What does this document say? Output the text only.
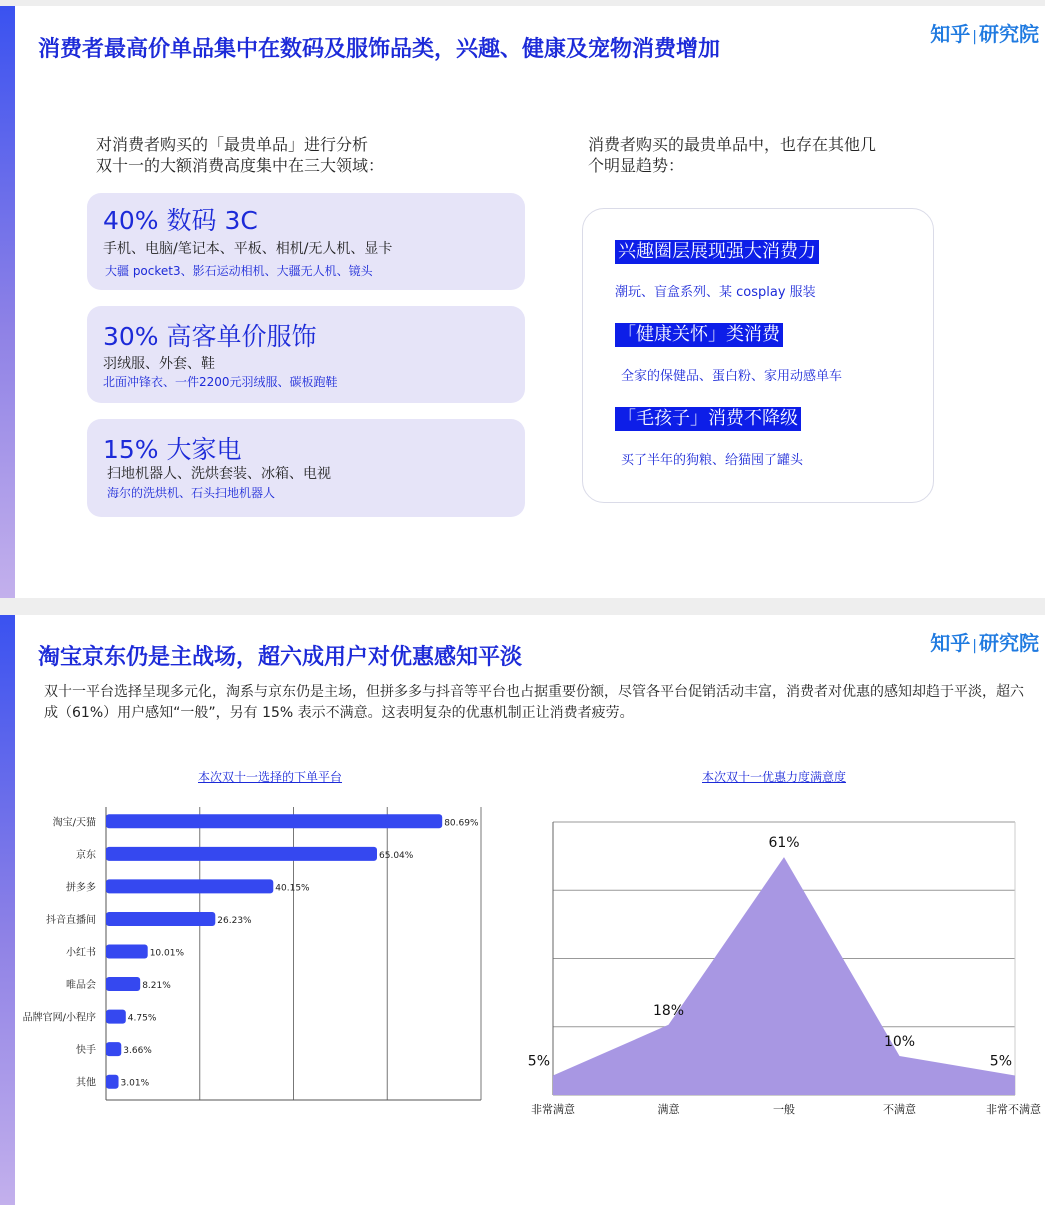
消费者最高价单品集中在数码及服饰品类，兴趣、健康及宠物消费增加
知乎 | 研究院
对消费者购买的「最贵单品」进行分析
双十一的大额消费高度集中在三大领域：
消费者购买的最贵单品中，也存在其他几
个明显趋势：
40% 数码 3C
手机、电脑/笔记本、平板、相机/无人机、显卡
大疆 pocket3、影石运动相机、大疆无人机、镜头
30% 高客单价服饰
羽绒服、外套、鞋
北面冲锋衣、一件2200元羽绒服、碳板跑鞋
15% 大家电
扫地机器人、洗烘套装、冰箱、电视
海尔的洗烘机、石头扫地机器人
兴趣圈层展现强大消费力
潮玩、盲盒系列、某 cosplay 服装
「健康关怀」类消费
全家的保健品、蛋白粉、家用动感单车
「毛孩子」消费不降级
买了半年的狗粮、给猫囤了罐头
淘宝京东仍是主战场，超六成用户对优惠感知平淡
知乎 | 研究院
双十一平台选择呈现多元化，淘系与京东仍是主场，但拼多多与抖音等平台也占据重要份额，尽管各平台促销活动丰富，消费者对优惠的感知却趋于平淡，超六成（61%）用户感知“一般”，另有 15% 表示不满意。这表明复杂的优惠机制正让消费者疲劳。
本次双十一选择的下单平台	本次双十一优惠力度满意度
淘宝/天猫	80.69%
京东	65.04%
拼多多	40.15%
抖音直播间	26.23%
小红书	10.01%
唯品会	8.21%
品牌官网/小程序	4.75%
快手	3.66%
其他	3.01%
5%
非常满意
18%
满意
61%
一般
10%
不满意
5%
非常不满意
